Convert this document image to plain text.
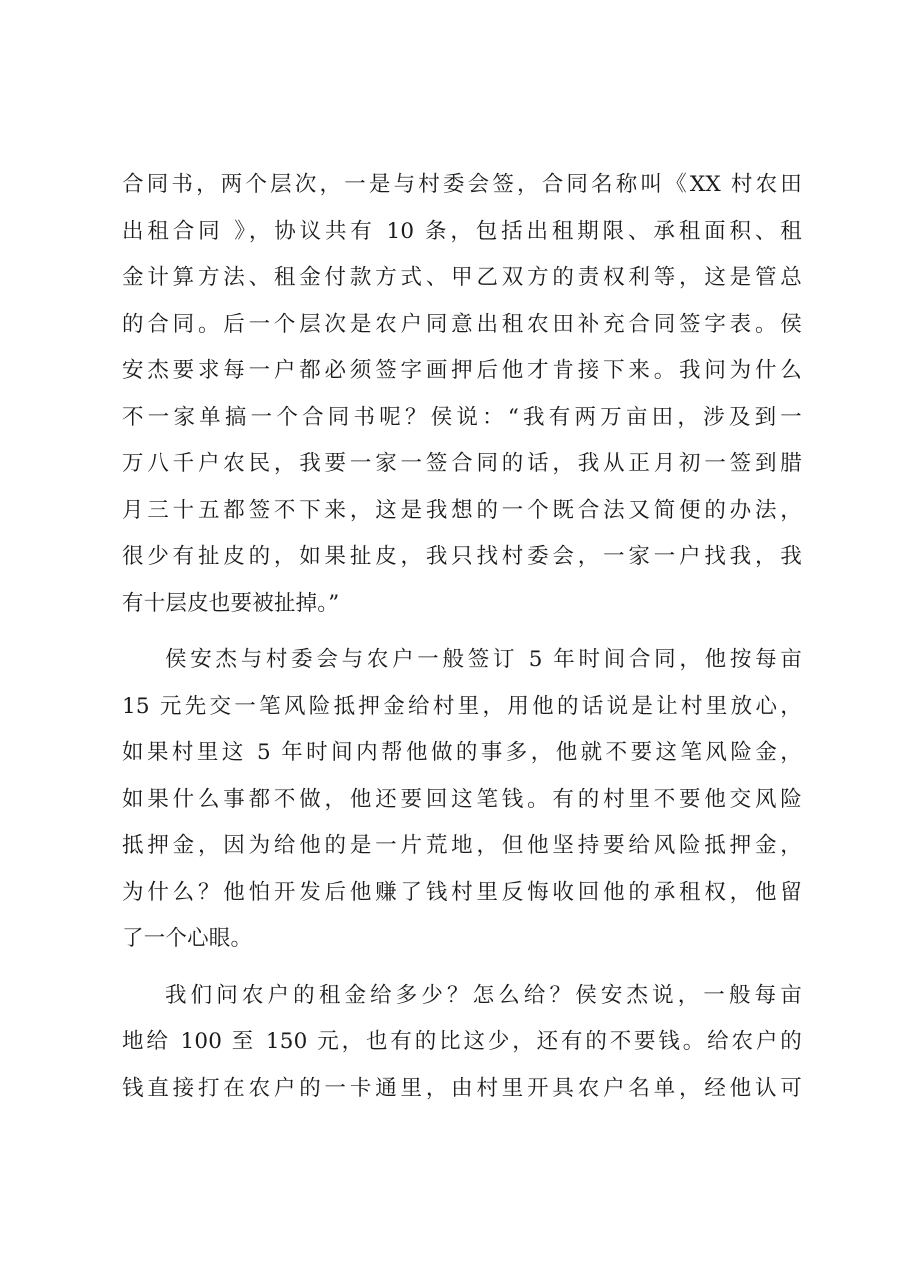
合同书，两个层次，一是与村委会签，合同名称叫《XX 村农田
出租合同 》，协议共有 10 条，包括出租期限、承租面积、租
金计算方法、租金付款方式、甲乙双方的责权利等，这是管总
的合同。后一个层次是农户同意出租农田补充合同签字表。侯
安杰要求每一户都必须签字画押后他才肯接下来。我问为什么
不一家单搞一个合同书呢？侯说：“我有两万亩田，涉及到一
万八千户农民，我要一家一签合同的话，我从正月初一签到腊
月三十五都签不下来，这是我想的一个既合法又简便的办法，
很少有扯皮的，如果扯皮，我只找村委会，一家一户找我，我
有十层皮也要被扯掉。”
侯安杰与村委会与农户一般签订 5 年时间合同，他按每亩
15 元先交一笔风险抵押金给村里，用他的话说是让村里放心，
如果村里这 5 年时间内帮他做的事多，他就不要这笔风险金，
如果什么事都不做，他还要回这笔钱。有的村里不要他交风险
抵押金，因为给他的是一片荒地，但他坚持要给风险抵押金，
为什么？他怕开发后他赚了钱村里反悔收回他的承租权，他留
了一个心眼。
我们问农户的租金给多少？怎么给？侯安杰说，一般每亩
地给 100 至 150 元，也有的比这少，还有的不要钱。给农户的
钱直接打在农户的一卡通里，由村里开具农户名单，经他认可
